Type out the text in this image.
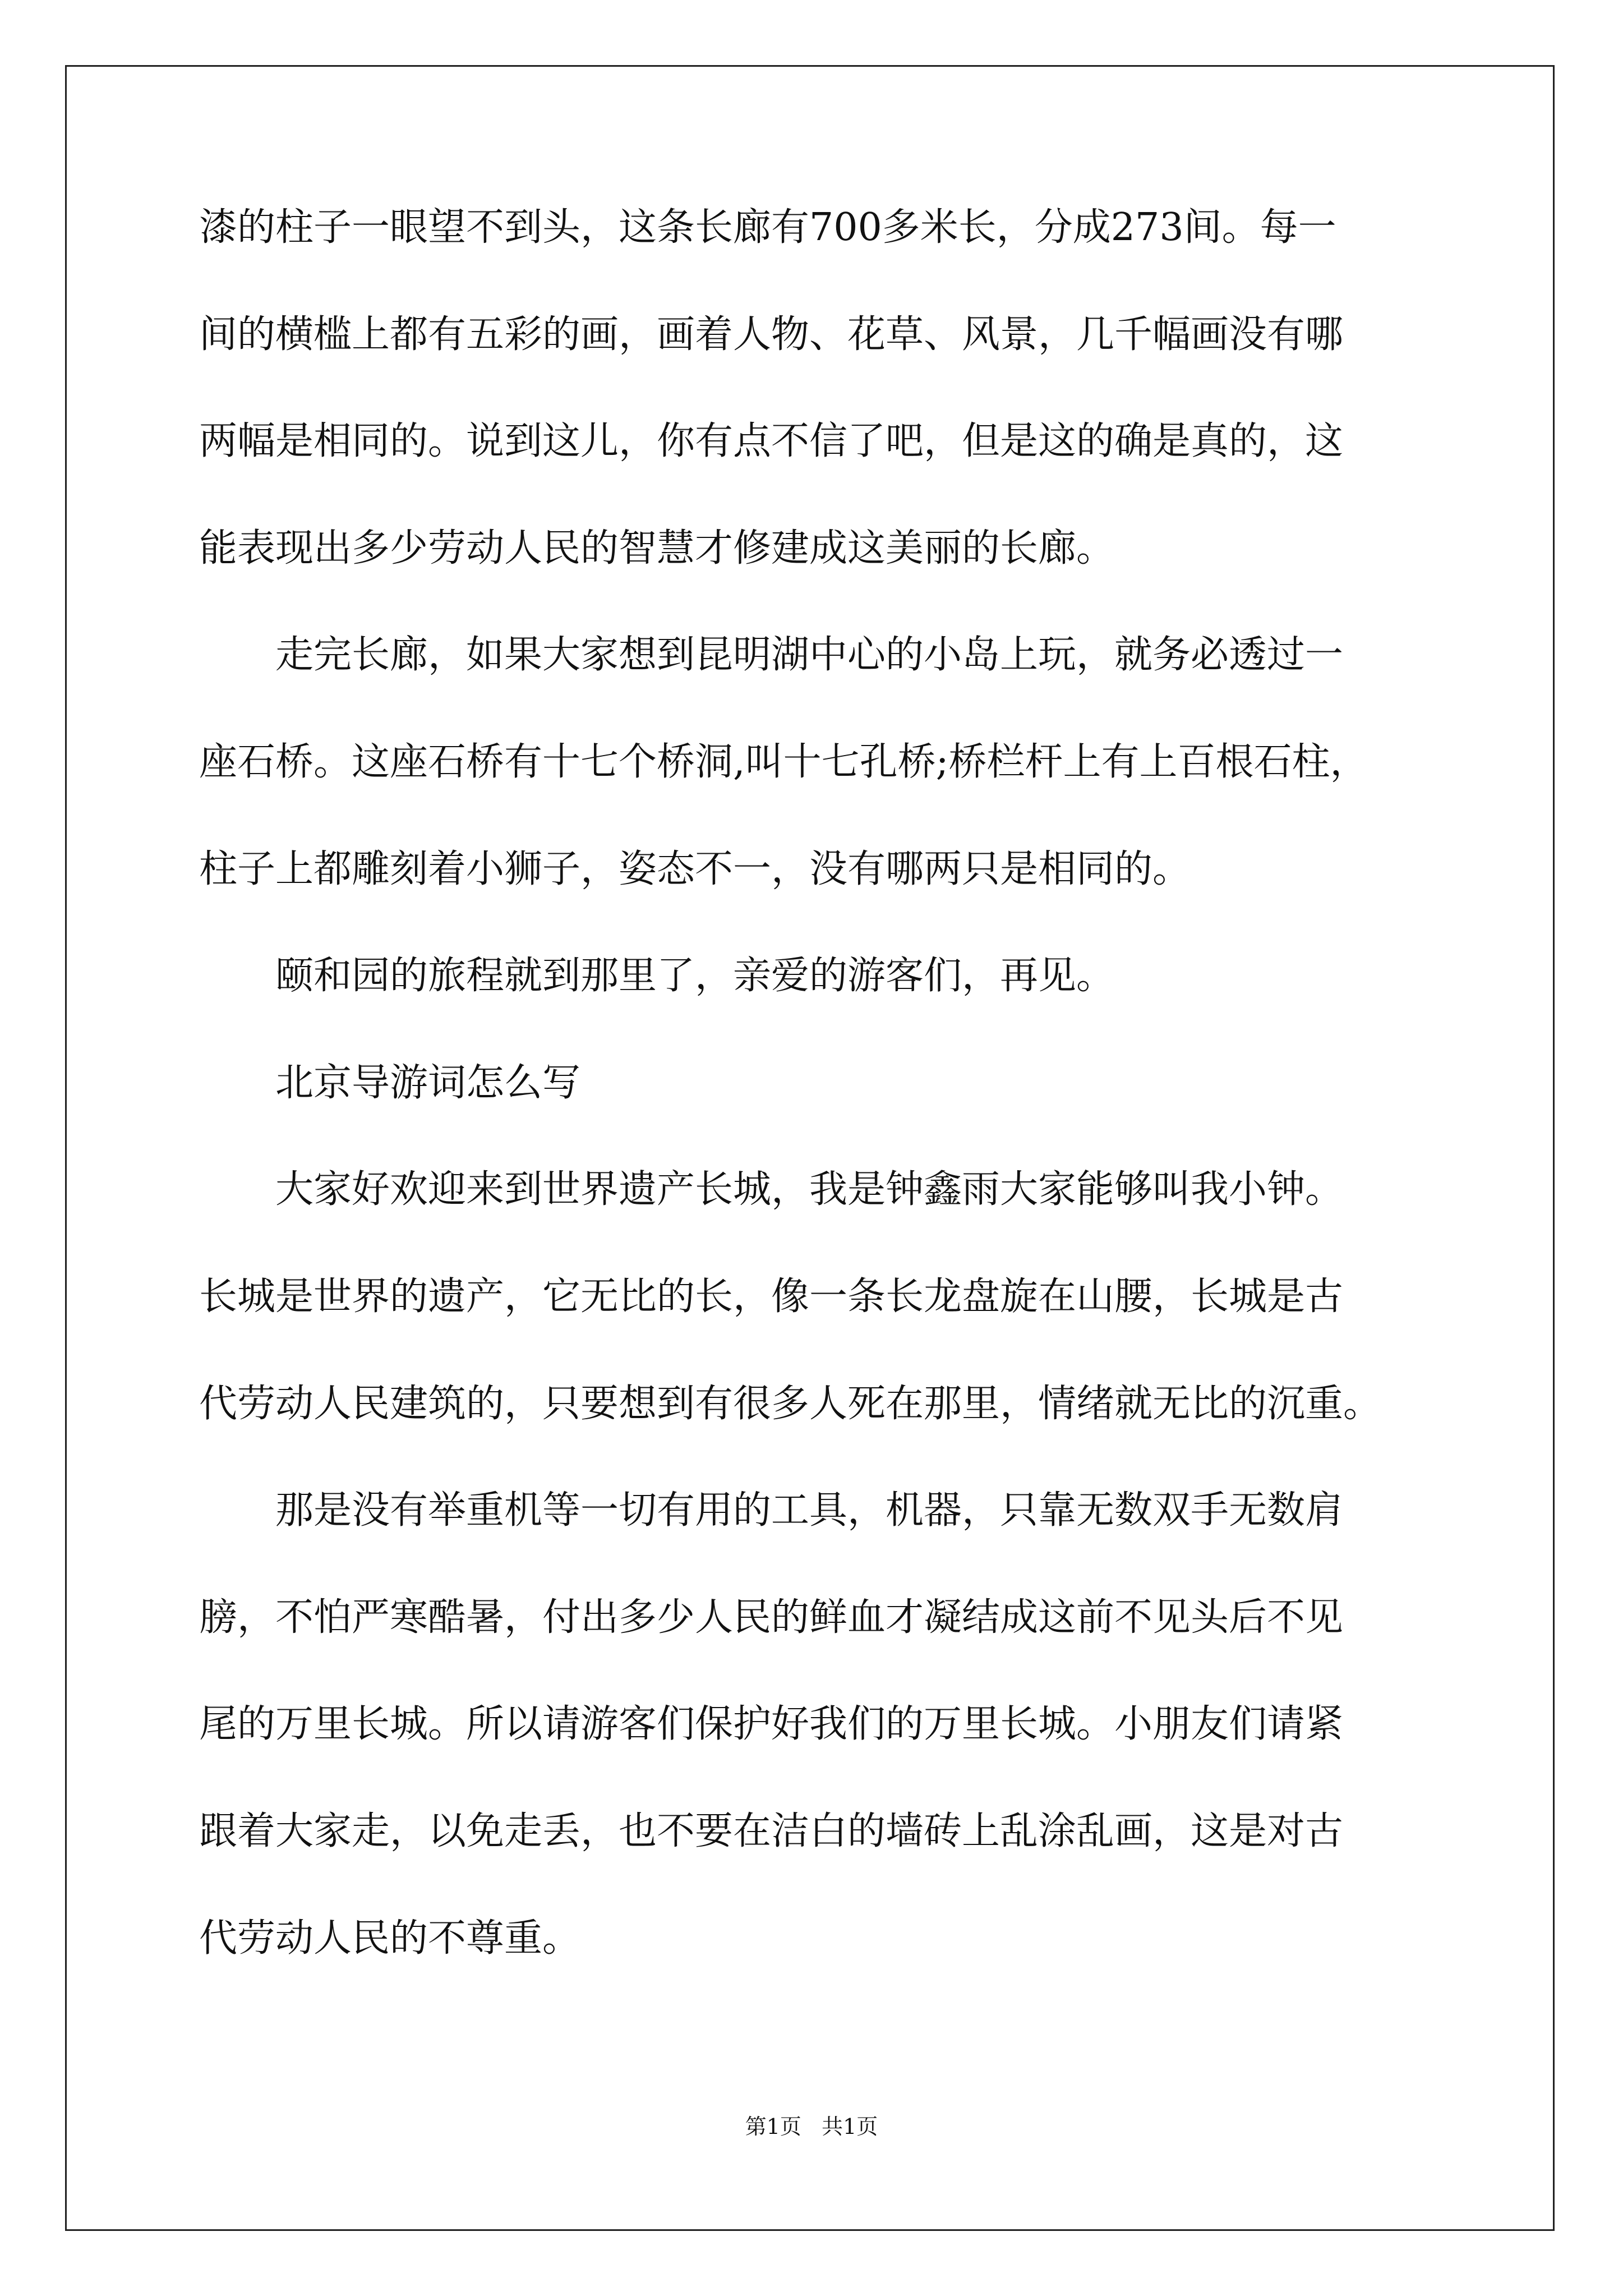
漆的柱子一眼望不到头，这条长廊有700多米长，分成273间。每一
间的横槛上都有五彩的画，画着人物、花草、风景，几千幅画没有哪
两幅是相同的。说到这儿，你有点不信了吧，但是这的确是真的，这
能表现出多少劳动人民的智慧才修建成这美丽的长廊。
走完长廊，如果大家想到昆明湖中心的小岛上玩，就务必透过一
座石桥。这座石桥有十七个桥洞,叫十七孔桥;桥栏杆上有上百根石柱，
柱子上都雕刻着小狮子，姿态不一，没有哪两只是相同的。
颐和园的旅程就到那里了，亲爱的游客们，再见。
北京导游词怎么写
大家好欢迎来到世界遗产长城，我是钟鑫雨大家能够叫我小钟。
长城是世界的遗产，它无比的长，像一条长龙盘旋在山腰，长城是古
代劳动人民建筑的，只要想到有很多人死在那里，情绪就无比的沉重。
那是没有举重机等一切有用的工具，机器，只靠无数双手无数肩
膀，不怕严寒酷暑，付出多少人民的鲜血才凝结成这前不见头后不见
尾的万里长城。所以请游客们保护好我们的万里长城。小朋友们请紧
跟着大家走，以免走丢，也不要在洁白的墙砖上乱涂乱画，这是对古
代劳动人民的不尊重。
第1页   共1页
